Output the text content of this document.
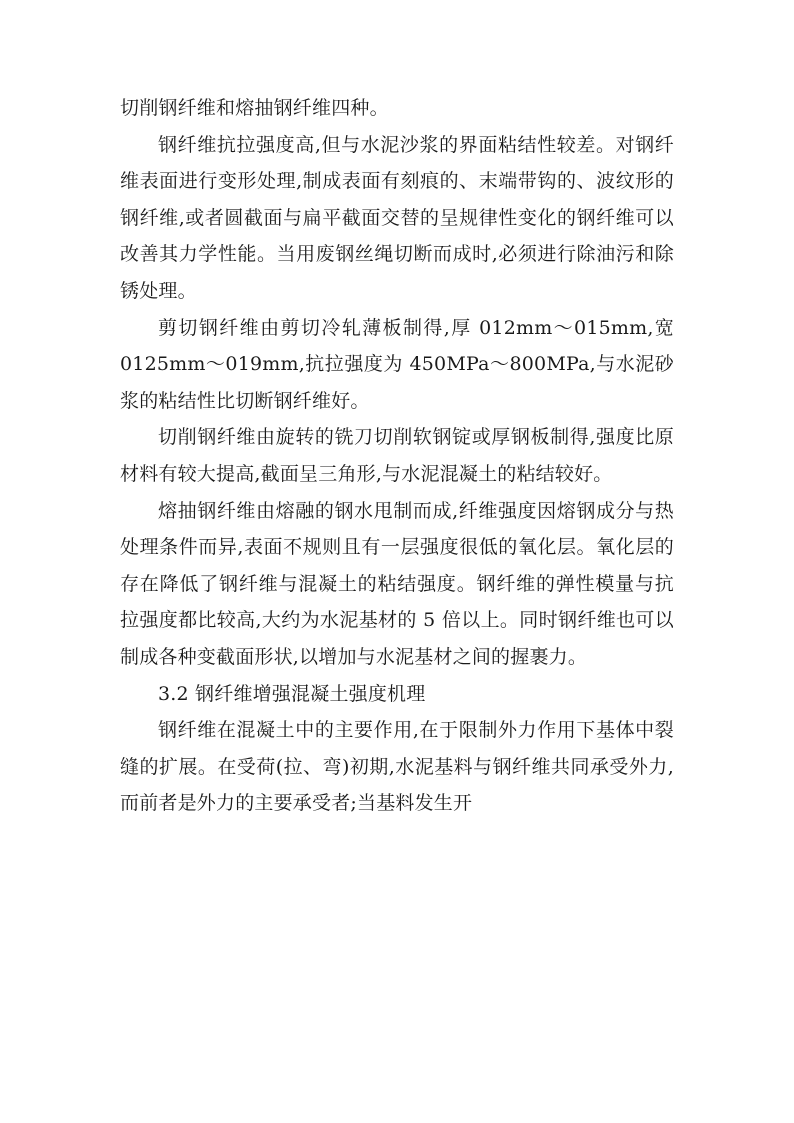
切削钢纤维和熔抽钢纤维四种。

钢纤维抗拉强度高,但与水泥沙浆的界面粘结性较差。对钢纤维表面进行变形处理,制成表面有刻痕的、末端带钩的、波纹形的钢纤维,或者圆截面与扁平截面交替的呈规律性变化的钢纤维可以改善其力学性能。当用废钢丝绳切断而成时,必须进行除油污和除锈处理。

剪切钢纤维由剪切冷轧薄板制得,厚 012mm～015mm,宽 0125mm～019mm,抗拉强度为 450MPa～800MPa,与水泥砂浆的粘结性比切断钢纤维好。

切削钢纤维由旋转的铣刀切削软钢锭或厚钢板制得,强度比原材料有较大提高,截面呈三角形,与水泥混凝土的粘结较好。

熔抽钢纤维由熔融的钢水甩制而成,纤维强度因熔钢成分与热处理条件而异,表面不规则且有一层强度很低的氧化层。氧化层的存在降低了钢纤维与混凝土的粘结强度。钢纤维的弹性模量与抗拉强度都比较高,大约为水泥基材的 5 倍以上。同时钢纤维也可以制成各种变截面形状,以增加与水泥基材之间的握裹力。

3.2 钢纤维增强混凝土强度机理

钢纤维在混凝土中的主要作用,在于限制外力作用下基体中裂缝的扩展。在受荷(拉、弯)初期,水泥基料与钢纤维共同承受外力,而前者是外力的主要承受者;当基料发生开
